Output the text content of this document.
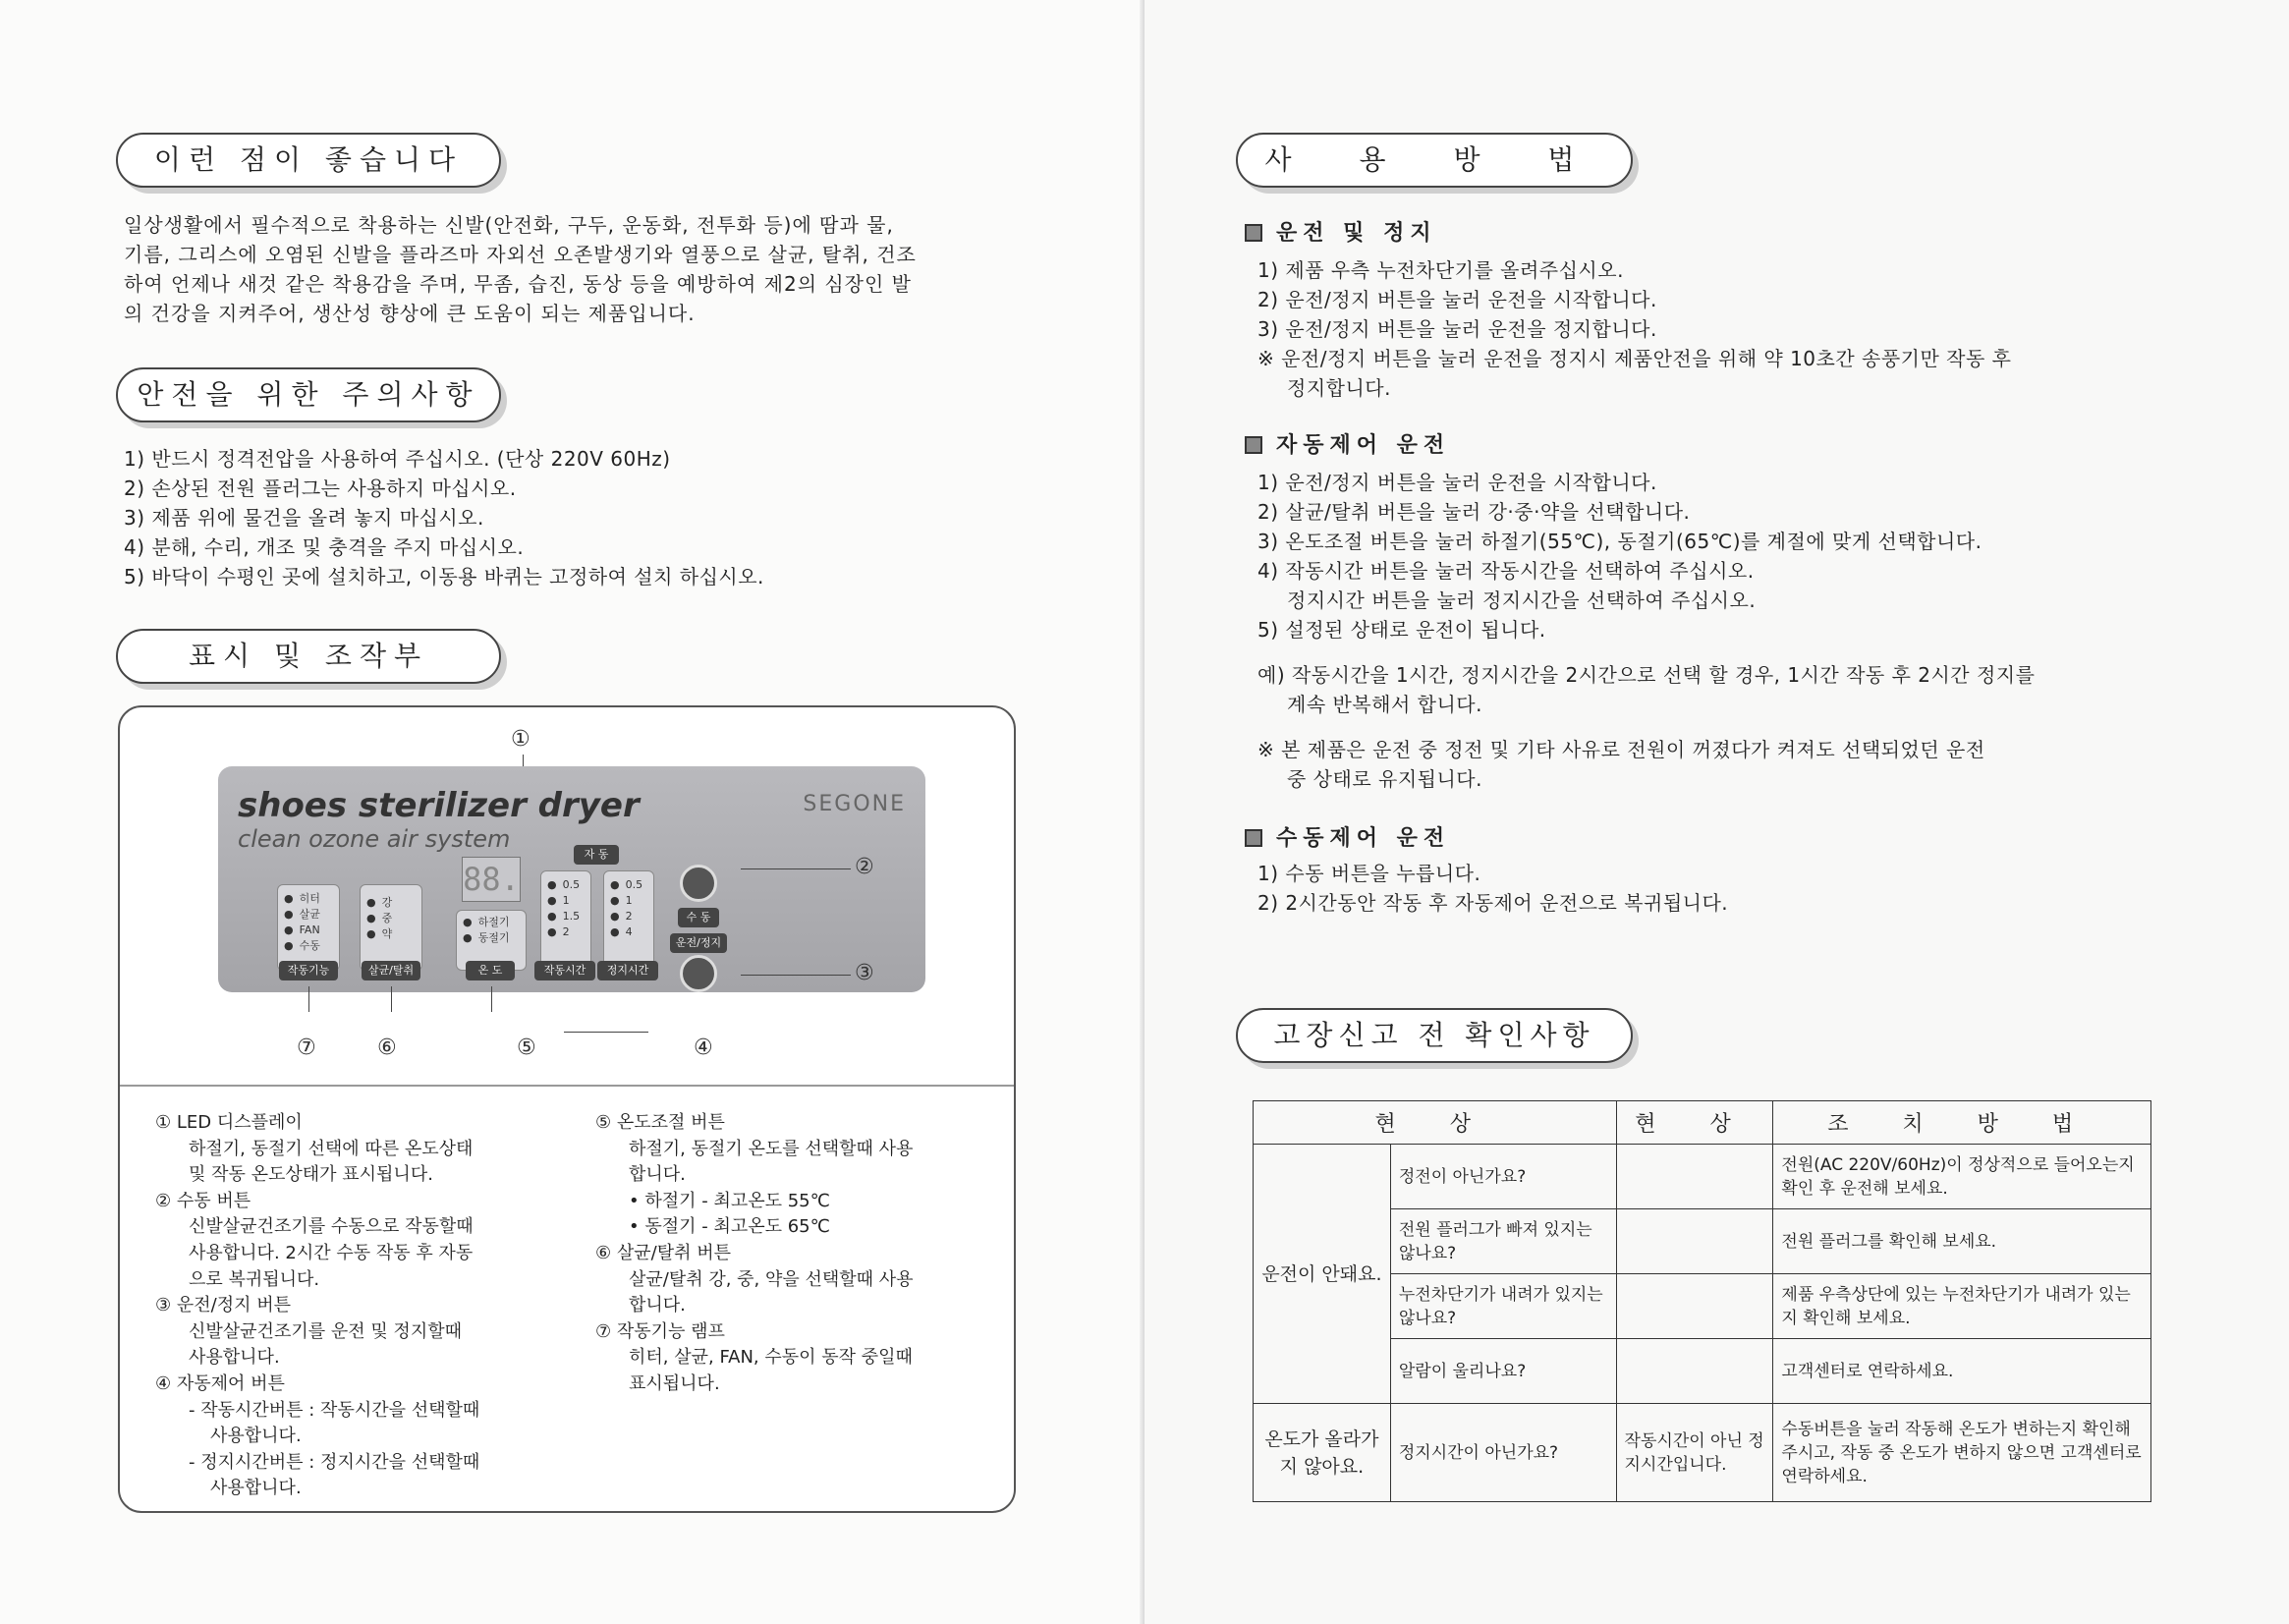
이런 점이 좋습니다
일상생활에서 필수적으로 착용하는 신발(안전화, 구두, 운동화, 전투화 등)에 땀과 물,
기름, 그리스에 오염된 신발을 플라즈마 자외선 오존발생기와 열풍으로 살균, 탈취, 건조
하여 언제나 새것 같은 착용감을 주며, 무좀, 습진, 동상 등을 예방하여 제2의 심장인 발
의 건강을 지켜주어, 생산성 향상에 큰 도움이 되는 제품입니다.
안전을 위한 주의사항
1) 반드시 정격전압을 사용하여 주십시오. (단상 220V 60Hz)
2) 손상된 전원 플러그는 사용하지 마십시오.
3) 제품 위에 물건을 올려 놓지 마십시오.
4) 분해, 수리, 개조 및 충격을 주지 마십시오.
5) 바닥이 수평인 곳에 설치하고, 이동용 바퀴는 고정하여 설치 하십시오.
표시 및 조작부
①
shoes sterilizer dryer
clean ozone air system
SEGONE
88.
● 히터
● 살균
● FAN
● 수동
작동기능
● 강
● 중
● 약
살균/탈취
● 하절기
● 동절기
온 도
자 동
● 0.5
● 1
● 1.5
● 2
작동시간
● 0.5
● 1
● 2
● 4
정지시간
수 동
운전/정지
②
③
⑦	⑥	⑤	④
① LED 디스플레이
하절기, 동절기 선택에 따른 온도상태
및 작동 온도상태가 표시됩니다.
② 수동 버튼
신발살균건조기를 수동으로 작동할때
사용합니다. 2시간 수동 작동 후 자동
으로 복귀됩니다.
③ 운전/정지 버튼
신발살균건조기를 운전 및 정지할때
사용합니다.
④ 자동제어 버튼
- 작동시간버튼 : 작동시간을 선택할때
사용합니다.
- 정지시간버튼 : 정지시간을 선택할때
사용합니다.
⑤ 온도조절 버튼
하절기, 동절기 온도를 선택할때 사용
합니다.
• 하절기 - 최고온도 55℃
• 동절기 - 최고온도 65℃
⑥ 살균/탈취 버튼
살균/탈취 강, 중, 약을 선택할때 사용
합니다.
⑦ 작동기능 램프
히터, 살균, FAN, 수동이 동작 중일때
표시됩니다.
사 용 방 법
운전 및 정지
1) 제품 우측 누전차단기를 올려주십시오.
2) 운전/정지 버튼을 눌러 운전을 시작합니다.
3) 운전/정지 버튼을 눌러 운전을 정지합니다.
※ 운전/정지 버튼을 눌러 운전을 정지시 제품안전을 위해 약 10초간 송풍기만 작동 후
정지합니다.
자동제어 운전
1) 운전/정지 버튼을 눌러 운전을 시작합니다.
2) 살균/탈취 버튼을 눌러 강·중·약을 선택합니다.
3) 온도조절 버튼을 눌러 하절기(55℃), 동절기(65℃)를 계절에 맞게 선택합니다.
4) 작동시간 버튼을 눌러 작동시간을 선택하여 주십시오.
정지시간 버튼을 눌러 정지시간을 선택하여 주십시오.
5) 설정된 상태로 운전이 됩니다.
예) 작동시간을 1시간, 정지시간을 2시간으로 선택 할 경우, 1시간 작동 후 2시간 정지를
계속 반복해서 합니다.
※ 본 제품은 운전 중 정전 및 기타 사유로 전원이 꺼졌다가 켜져도 선택되었던 운전
중 상태로 유지됩니다.
수동제어 운전
1) 수동 버튼을 누릅니다.
2) 2시간동안 작동 후 자동제어 운전으로 복귀됩니다.
고장신고 전 확인사항
현 상		현 상	조 치 방 법
운전이 안돼요.	정전이 아닌가요?		전원(AC 220V/60Hz)이 정상적으로 들어오는지 확인 후 운전해 보세요.
	전원 플러그가 빠져 있지는 않나요?		전원 플러그를 확인해 보세요.
	누전차단기가 내려가 있지는 않나요?		제품 우측상단에 있는 누전차단기가 내려가 있는지 확인해 보세요.
	알람이 울리나요?		고객센터로 연락하세요.
온도가 올라가지 않아요.	정지시간이 아닌가요?	작동시간이 아닌 정지시간입니다.	수동버튼을 눌러 작동해 온도가 변하는지 확인해 주시고, 작동 중 온도가 변하지 않으면 고객센터로 연락하세요.
